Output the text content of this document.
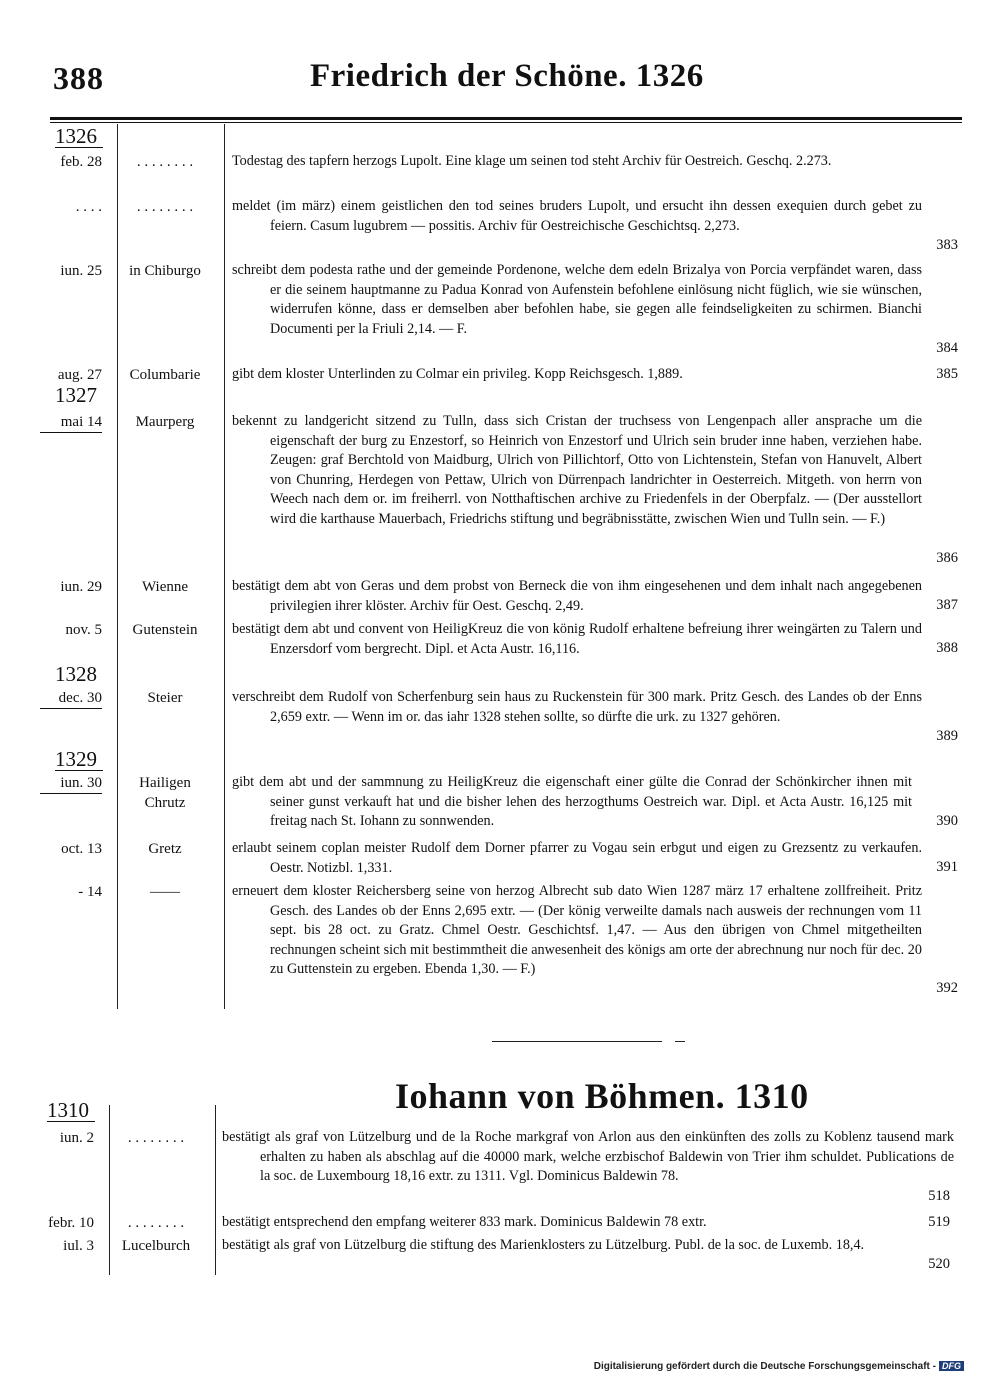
388	Friedrich der Schöne. 1326
1326
feb. 28	. . . . . . . .	Todestag des tapfern herzogs Lupolt. Eine klage um seinen tod steht Archiv für Oestreich. Geschq. 2.273.
. . . .	. . . . . . . .	meldet (im märz) einem geistlichen den tod seines bruders Lupolt, und ersucht ihn dessen exequien durch gebet zu feiern. Casum lugubrem — possitis. Archiv für Oestreichische Geschichtsq. 2,273.
383
iun. 25	in Chiburgo	schreibt dem podesta rathe und der gemeinde Pordenone, welche dem edeln Brizalya von Porcia verpfändet waren, dass er die seinem hauptmanne zu Padua Konrad von Aufenstein befohlene einlösung nicht füglich, wie sie wünschen, widerrufen könne, dass er demselben aber befohlen habe, sie gegen alle feindseligkeiten zu schirmen. Bianchi Documenti per la Friuli 2,14. — F.
384
aug. 27	Columbarie	gibt dem kloster Unterlinden zu Colmar ein privileg. Kopp Reichsgesch. 1,889.	385
1327
mai 14	Maurperg	bekennt zu landgericht sitzend zu Tulln, dass sich Cristan der truchsess von Lengenpach aller ansprache um die eigenschaft der burg zu Enzestorf, so Heinrich von Enzestorf und Ulrich sein bruder inne haben, verziehen habe. Zeugen: graf Berchtold von Maidburg, Ulrich von Pillichtorf, Otto von Lichtenstein, Stefan von Hanuvelt, Albert von Chunring, Herdegen von Pettaw, Ulrich von Dürrenpach landrichter in Oesterreich. Mitgeth. von herrn von Weech nach dem or. im freiherrl. von Notthaftischen archive zu Friedenfels in der Oberpfalz. — (Der ausstellort wird die karthause Mauerbach, Friedrichs stiftung und begräbnisstätte, zwischen Wien und Tulln sein. — F.)
386
iun. 29	Wienne	bestätigt dem abt von Geras und dem probst von Berneck die von ihm eingesehenen und dem inhalt nach angegebenen privilegien ihrer klöster. Archiv für Oest. Geschq. 2,49.	387
nov. 5	Gutenstein	bestätigt dem abt und convent von HeiligKreuz die von könig Rudolf erhaltene befreiung ihrer weingärten zu Talern und Enzersdorf vom bergrecht. Dipl. et Acta Austr. 16,116.	388
1328
dec. 30	Steier	verschreibt dem Rudolf von Scherfenburg sein haus zu Ruckenstein für 300 mark. Pritz Gesch. des Landes ob der Enns 2,659 extr. — Wenn im or. das iahr 1328 stehen sollte, so dürfte die urk. zu 1327 gehören.
389
1329
iun. 30	Hailigen
Chrutz
gibt dem abt und der sammnung zu HeiligKreuz die eigenschaft einer gülte die Conrad der Schönkircher ihnen mit seiner gunst verkauft hat und die bisher lehen des herzogthums Oestreich war. Dipl. et Acta Austr. 16,125 mit freitag nach St. Iohann zu sonnwenden.	390
oct. 13	Gretz	erlaubt seinem coplan meister Rudolf dem Dorner pfarrer zu Vogau sein erbgut und eigen zu Grezsentz zu verkaufen. Oestr. Notizbl. 1,331.	391
- 14	——	erneuert dem kloster Reichersberg seine von herzog Albrecht sub dato Wien 1287 märz 17 erhaltene zollfreiheit. Pritz Gesch. des Landes ob der Enns 2,695 extr. — (Der könig verweilte damals nach ausweis der rechnungen vom 11 sept. bis 28 oct. zu Gratz. Chmel Oestr. Geschichtsf. 1,47. — Aus den übrigen von Chmel mitgetheilten rechnungen scheint sich mit bestimmtheit die anwesenheit des königs am orte der abrechnung nur noch für dec. 20 zu Guttenstein zu ergeben. Ebenda 1,30. — F.)
392
Iohann von Böhmen. 1310
1310
iun. 2	. . . . . . . .	bestätigt als graf von Lützelburg und de la Roche markgraf von Arlon aus den einkünften des zolls zu Koblenz tausend mark erhalten zu haben als abschlag auf die 40000 mark, welche erzbischof Baldewin von Trier ihm schuldet. Publications de la soc. de Luxembourg 18,16 extr. zu 1311. Vgl. Dominicus Baldewin 78.
518
febr. 10	. . . . . . . .	bestätigt entsprechend den empfang weiterer 833 mark. Dominicus Baldewin 78 extr.	519
iul. 3	Lucelburch	bestätigt als graf von Lützelburg die stiftung des Marienklosters zu Lützelburg. Publ. de la soc. de Luxemb. 18,4.
520
Digitalisierung gefördert durch die Deutsche Forschungsgemeinschaft - DFG
